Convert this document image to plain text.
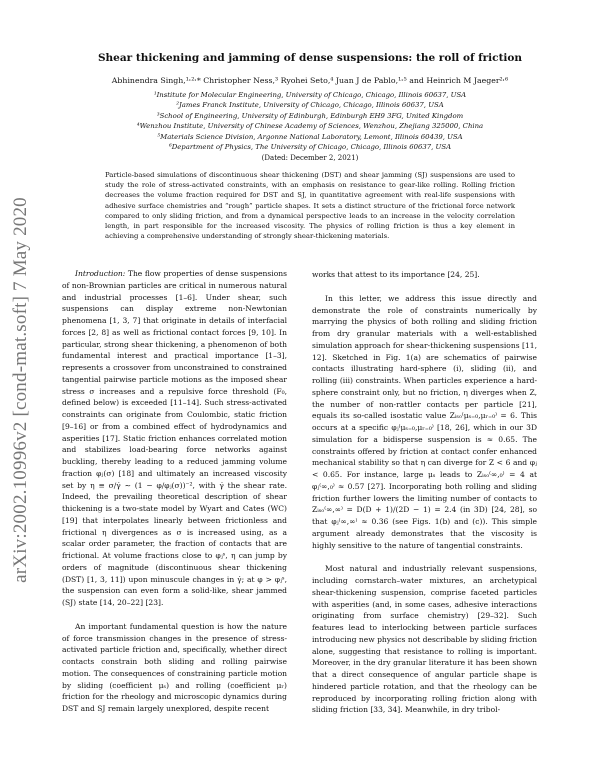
arXiv:2002.10996v2 [cond-mat.soft] 7 May 2020
Shear thickening and jamming of dense suspensions: the roll of friction
Abhinendra Singh,¹˒²˒* Christopher Ness,³ Ryohei Seto,⁴ Juan J de Pablo,¹˒⁵ and Heinrich M Jaeger²˒⁶
¹Institute for Molecular Engineering, University of Chicago, Chicago, Illinois 60637, USA
²James Franck Institute, University of Chicago, Chicago, Illinois 60637, USA
³School of Engineering, University of Edinburgh, Edinburgh EH9 3FG, United Kingdom
⁴Wenzhou Institute, University of Chinese Academy of Sciences, Wenzhou, Zhejiang 325000, China
⁵Materials Science Division, Argonne National Laboratory, Lemont, Illinois 60439, USA
⁶Department of Physics, The University of Chicago, Chicago, Illinois 60637, USA
(Dated: December 2, 2021)
Particle-based simulations of discontinuous shear thickening (DST) and shear jamming (SJ) suspensions are used to study the role of stress-activated constraints, with an emphasis on resistance to gear-like rolling. Rolling friction decreases the volume fraction required for DST and SJ, in quantitative agreement with real-life suspensions with adhesive surface chemistries and “rough” particle shapes. It sets a distinct structure of the frictional force network compared to only sliding friction, and from a dynamical perspective leads to an increase in the velocity correlation length, in part responsible for the increased viscosity. The physics of rolling friction is thus a key element in achieving a comprehensive understanding of strongly shear-thickening materials.

Introduction: The flow properties of dense suspensions of non-Brownian particles are critical in numerous natural and industrial processes [1–6]. Under shear, such suspensions can display extreme non-Newtonian phenomena [1, 3, 7] that originate in details of interfacial forces [2, 8] as well as frictional contact forces [9, 10]. In particular, strong shear thickening, a phenomenon of both fundamental interest and practical importance [1–3], represents a crossover from unconstrained to constrained tangential pairwise particle motions as the imposed shear stress σ increases and a repulsive force threshold (F₀, defined below) is exceeded [11–14]. Such stress-activated constraints can originate from Coulombic, static friction [9–16] or from a combined effect of hydrodynamics and asperities [17]. Static friction enhances correlated motion and stabilizes load-bearing force networks against buckling, thereby leading to a reduced jamming volume fraction φⱼ(σ) [18] and ultimately an increased viscosity set by η ≡ σ/γ̇ ∼ (1 − φ/φⱼ(σ))⁻², with γ̇ the shear rate. Indeed, the prevailing theoretical description of shear thickening is a two-state model by Wyart and Cates (WC) [19] that interpolates linearly between frictionless and frictional η divergences as σ is increased using, as a scalar order parameter, the fraction of contacts that are frictional. At volume fractions close to φⱼˢ, η can jump by orders of magnitude (discontinuous shear thickening (DST) [1, 3, 11]) upon minuscule changes in γ̇; at φ > φⱼˢ, the suspension can even form a solid-like, shear jammed (SJ) state [14, 20–22] [23].

An important fundamental question is how the nature of force transmission changes in the presence of stress-activated particle friction and, specifically, whether direct contacts constrain both sliding and rolling pairwise motion. The consequences of constraining particle motion by sliding (coefficient μₛ) and rolling (coefficient μᵣ) friction for the rheology and microscopic dynamics during DST and SJ remain largely unexplored, despite recent

works that attest to its importance [24, 25].

In this letter, we address this issue directly and demonstrate the role of constraints numerically by marrying the physics of both rolling and sliding friction from dry granular materials with a well-established simulation approach for shear-thickening suspensions [11, 12]. Sketched in Fig. 1(a) are schematics of pairwise contacts illustrating hard-sphere (i), sliding (ii), and rolling (iii) constraints. When particles experience a hard-sphere constraint only, but no friction, η diverges when Z, the number of non-rattler contacts per particle [21], equals its so-called isostatic value Zᵢₛₒ⁽μₛ₌₀,μᵣ₌₀⁾ = 6. This occurs at a specific φⱼ⁽μₛ₌₀,μᵣ₌₀⁾ [18, 26], which in our 3D simulation for a bidisperse suspension is ≈ 0.65. The constraints offered by friction at contact confer enhanced mechanical stability so that η can diverge for Z < 6 and φⱼ < 0.65. For instance, large μₛ leads to Zᵢₛₒ⁽∞,₀⁾ = 4 at φⱼ⁽∞,₀⁾ ≈ 0.57 [27]. Incorporating both rolling and sliding friction further lowers the limiting number of contacts to Zᵢₛₒ⁽∞,∞⁾ = D(D + 1)/(2D − 1) = 2.4 (in 3D) [24, 28], so that φⱼ⁽∞,∞⁾ ≈ 0.36 (see Figs. 1(b) and (c)). This simple argument already demonstrates that the viscosity is highly sensitive to the nature of tangential constraints.

Most natural and industrially relevant suspensions, including cornstarch–water mixtures, an archetypical shear-thickening suspension, comprise faceted particles with asperities (and, in some cases, adhesive interactions originating from surface chemistry) [29–32]. Such features lead to interlocking between particle surfaces introducing new physics not describable by sliding friction alone, suggesting that resistance to rolling is important. Moreover, in the dry granular literature it has been shown that a direct consequence of angular particle shape is hindered particle rotation, and that the rheology can be reproduced by incorporating rolling friction along with sliding friction [33, 34]. Meanwhile, in dry tribol-
